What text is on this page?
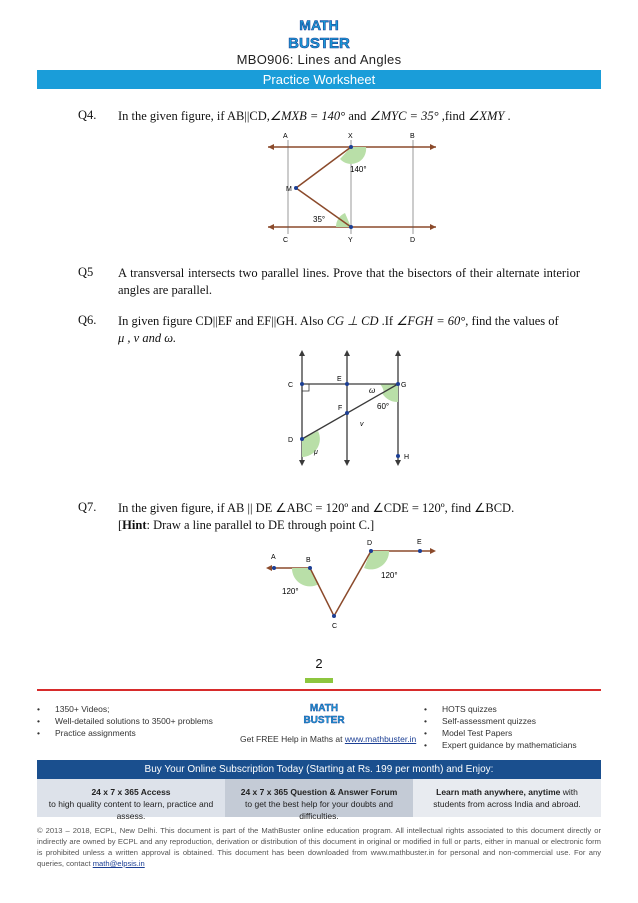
MATH
BUSTER
MBO906: Lines and Angles
Practice Worksheet
Q4. In the given figure, if AB||CD,∠MXB = 140° and ∠MYC = 35° ,find ∠XMY .
A	X	B
M
C	Y	D
140°
35°
Q5 A transversal intersects two parallel lines. Prove that the bisectors of their alternate interior angles are parallel.
Q6. In given figure CD||EF and EF||GH. Also CG ⊥ CD .If ∠FGH = 60°, find the values of
μ , v and ω.
C
E
G
F
D
H
ω
v
μ
60°
Q7. In the given figure, if AB || DE ∠ABC = 120º and ∠CDE = 120º, find ∠BCD.
[Hint: Draw a line parallel to DE through point C.]
A	B
C
D	E
120°
120°
2
• 1350+ Videos;
• Well-detailed solutions to 3500+ problems
• Practice assignments
MATH
BUSTER
Get FREE Help in Maths at www.mathbuster.in
• HOTS quizzes
• Self-assessment quizzes
• Model Test Papers
• Expert guidance by mathematicians
Buy Your Online Subscription Today (Starting at Rs. 199 per month) and Enjoy:
24 x 7 x 365 Access
to high quality content to learn, practice and assess.
24 x 7 x 365 Question & Answer Forum
to get the best help for your doubts and difficulties.
Learn math anywhere, anytime with
students from across India and abroad.
© 2013 – 2018, ECPL, New Delhi. This document is part of the MathBuster online education program. All intellectual rights associated to this document directly or indirectly are owned by ECPL and any reproduction, derivation or distribution of this document in original or modified in full or parts, either in manual or electronic form is prohibited unless a written approval is obtained. This document has been downloaded from www.mathbuster.in for personal and non-commercial use. For any queries, contact math@elpsis.in
